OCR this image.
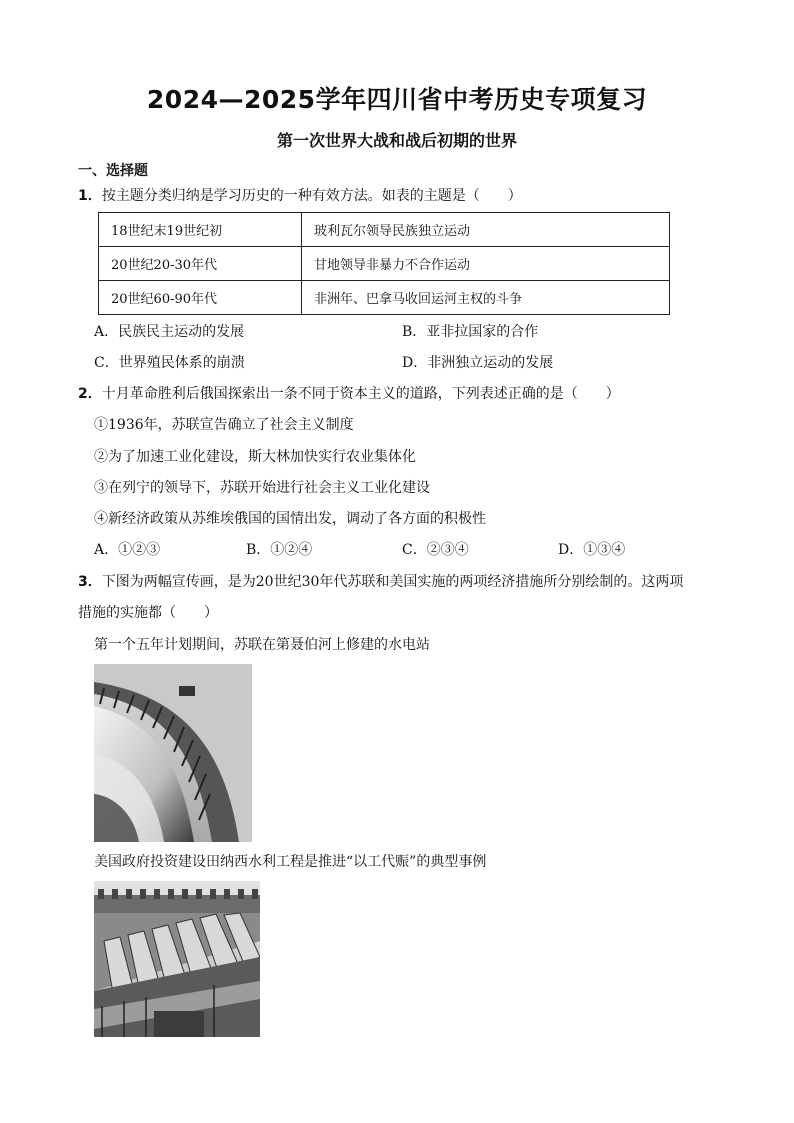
2024—2025学年四川省中考历史专项复习
第一次世界大战和战后初期的世界
一、选择题
1．按主题分类归纳是学习历史的一种有效方法。如表的主题是（　　）
18世纪末19世纪初	玻利瓦尔领导民族独立运动
20世纪20-30年代	甘地领导非暴力不合作运动
20世纪60-90年代	非洲年、巴拿马收回运河主权的斗争
A．民族民主运动的发展	B．亚非拉国家的合作
C．世界殖民体系的崩溃	D．非洲独立运动的发展
2．十月革命胜利后俄国探索出一条不同于资本主义的道路，下列表述正确的是（　　）
①1936年，苏联宣告确立了社会主义制度
②为了加速工业化建设，斯大林加快实行农业集体化
③在列宁的领导下，苏联开始进行社会主义工业化建设
④新经济政策从苏维埃俄国的国情出发，调动了各方面的积极性
A．①②③	B．①②④	C．②③④	D．①③④
3．下图为两幅宣传画，是为20世纪30年代苏联和美国实施的两项经济措施所分别绘制的。这两项
措施的实施都（　　）
第一个五年计划期间，苏联在第聂伯河上修建的水电站
美国政府投资建设田纳西水利工程是推进“以工代赈”的典型事例
